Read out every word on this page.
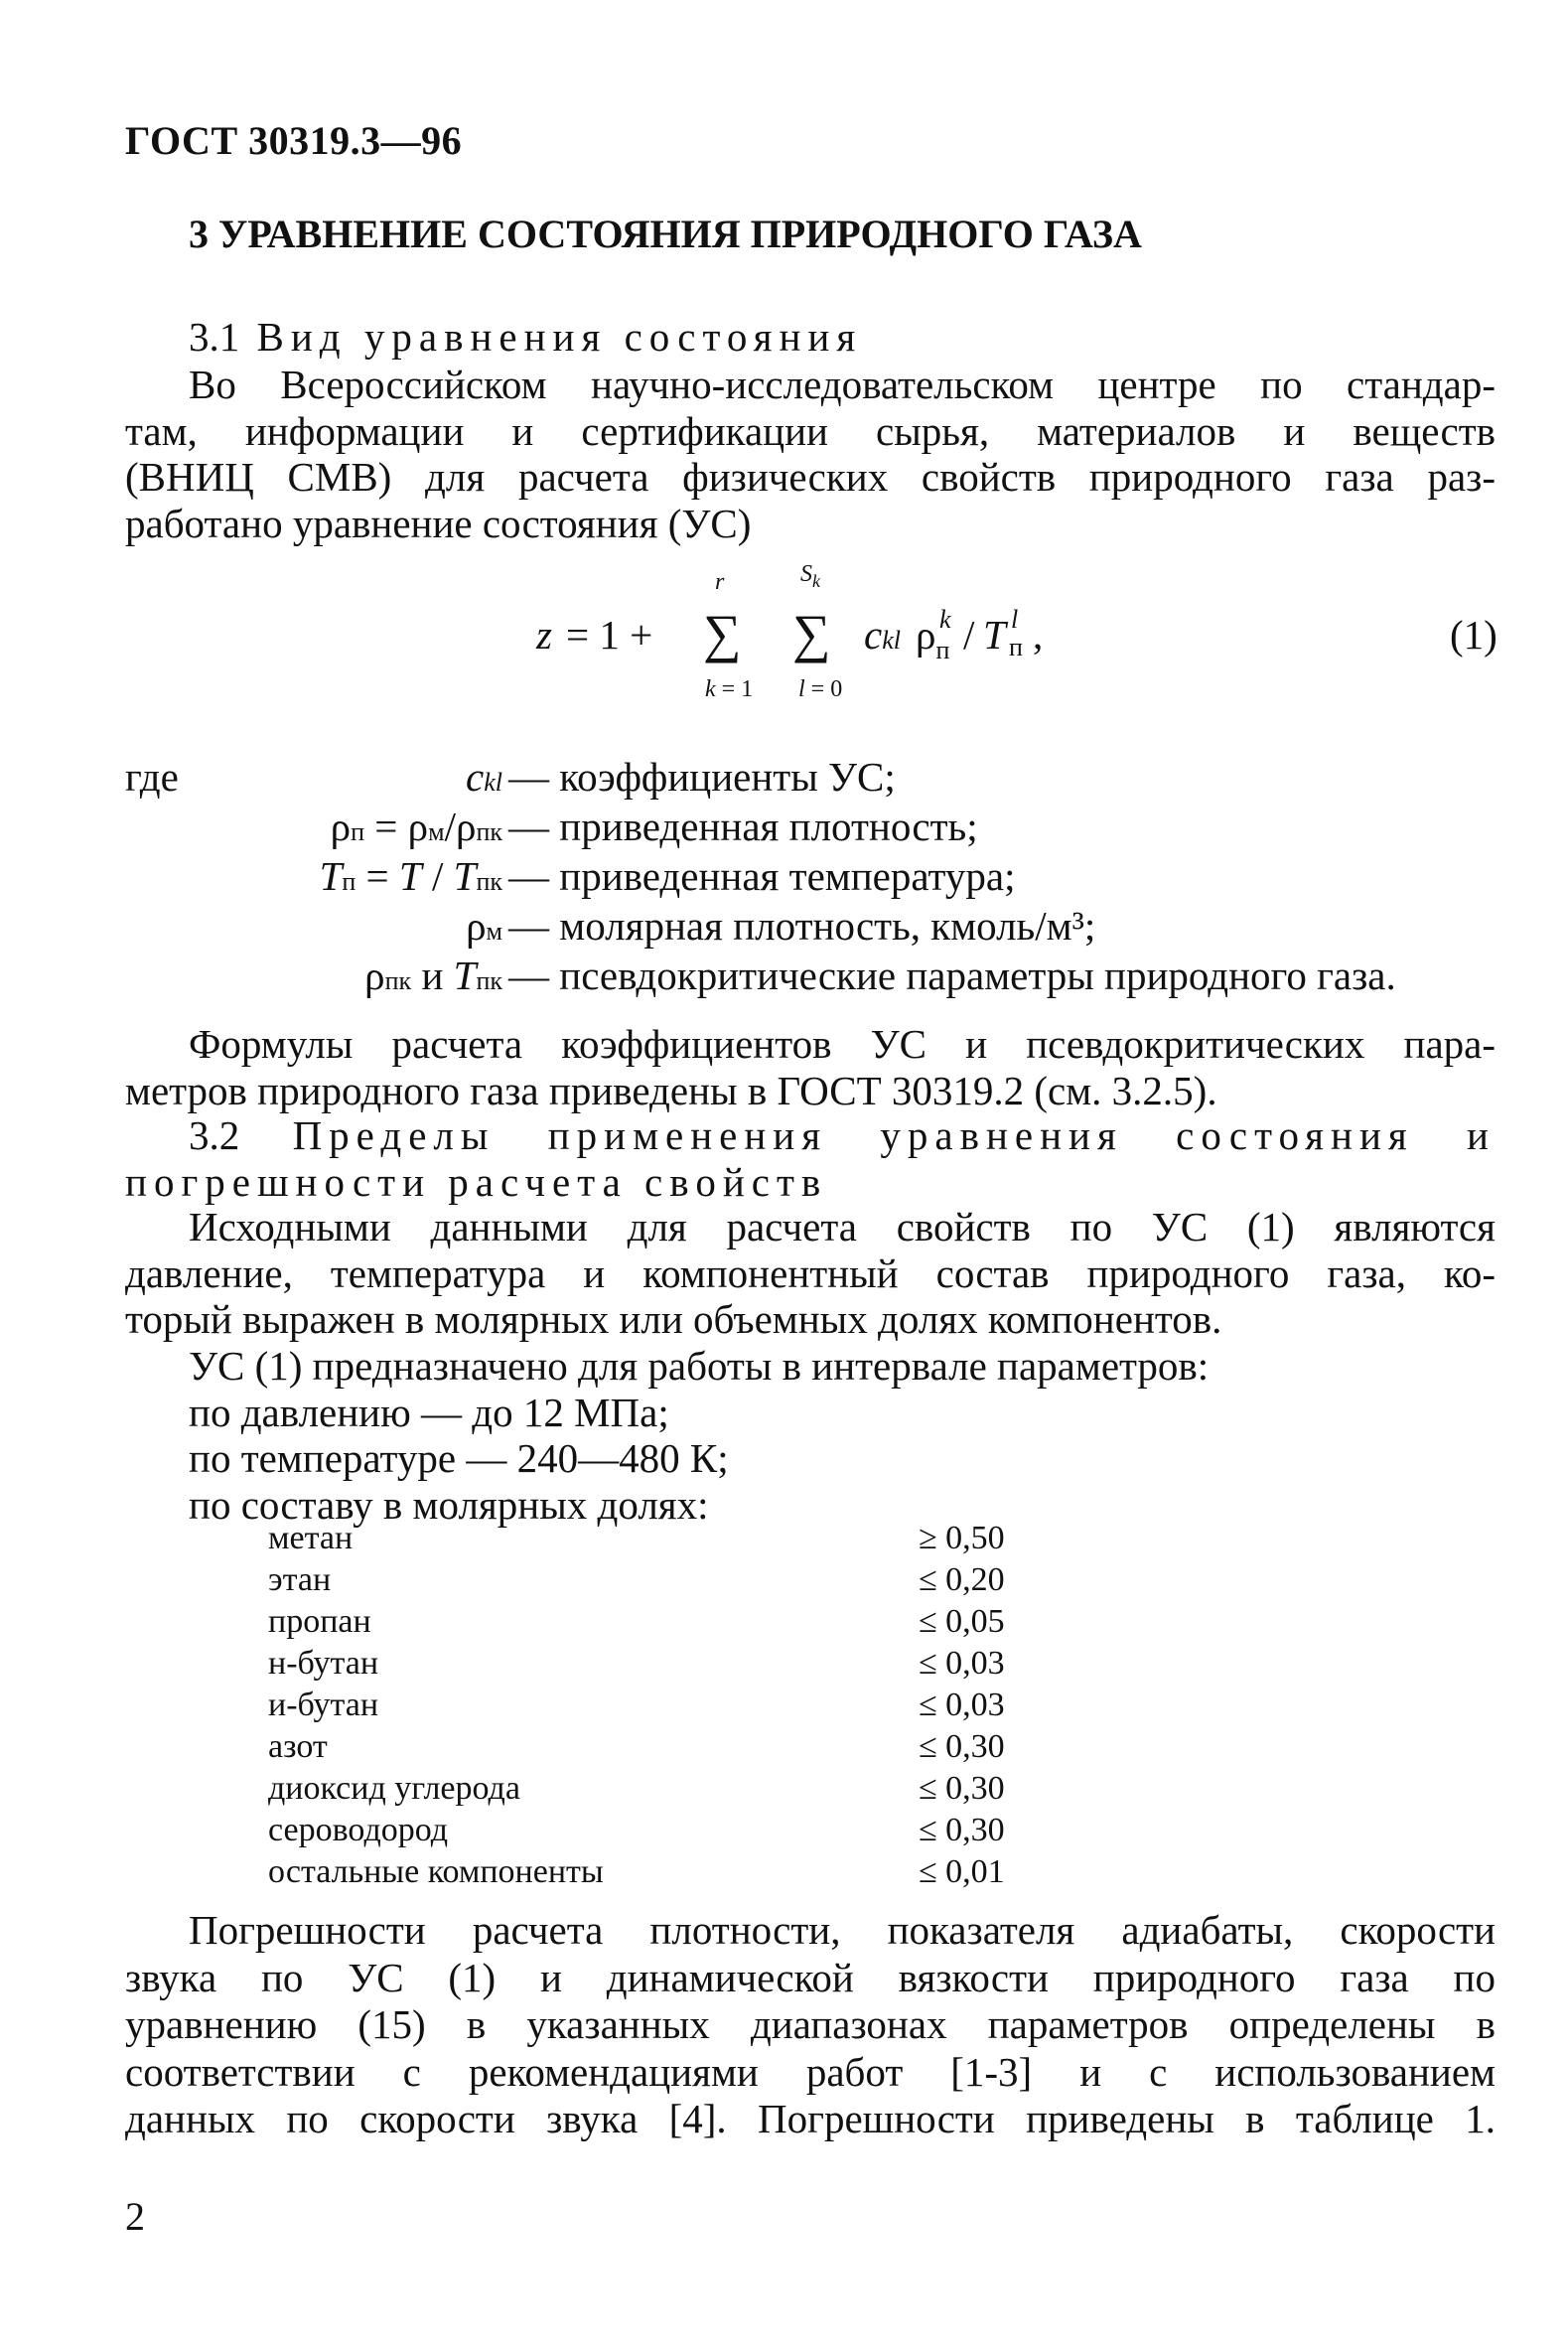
ГОСТ 30319.3—96
3 УРАВНЕНИЕ СОСТОЯНИЯ ПРИРОДНОГО ГАЗА
3.1 Вид уравнения состояния
Во Всероссийском научно-исследовательском центре по стандар-
там, информации и сертификации сырья, материалов и веществ
(ВНИЦ СМВ) для расчета физических свойств природного газа раз-
работано уравнение состояния (УС)
r	$S_k$
z = 1 + ∑ ∑ ckl $\rho_п$
k / T п
l ,
k = 1 l = 0
(1)
где	ckl — коэффициенты УС;
ρп = ρм/ρпк — приведенная плотность;
Tп = T / Tпк — приведенная температура;
ρм — молярная плотность, кмоль/м³;
ρпк и Tпк — псевдокритические параметры природного газа.
Формулы расчета коэффициентов УС и псевдокритических пара-
метров природного газа приведены в ГОСТ 30319.2 (см. 3.2.5).
3.2 Пределы применения уравнения состояния и
погрешности расчета свойств
Исходными данными для расчета свойств по УС (1) являются
давление, температура и компонентный состав природного газа, ко-
торый выражен в молярных или объемных долях компонентов.
УС (1) предназначено для работы в интервале параметров:
по давлению — до 12 МПа;
по температуре — 240—480 К;
по составу в молярных долях:
метан	≥ 0,50
этан	≤ 0,20
пропан	≤ 0,05
н-бутан	≤ 0,03
и-бутан	≤ 0,03
азот	≤ 0,30
диоксид углерода	≤ 0,30
сероводород	≤ 0,30
остальные компоненты	≤ 0,01
Погрешности расчета плотности, показателя адиабаты, скорости
звука по УС (1) и динамической вязкости природного газа по
уравнению (15) в указанных диапазонах параметров определены в
соответствии с рекомендациями работ [1-3] и с использованием
данных по скорости звука [4]. Погрешности приведены в таблице 1.
2
